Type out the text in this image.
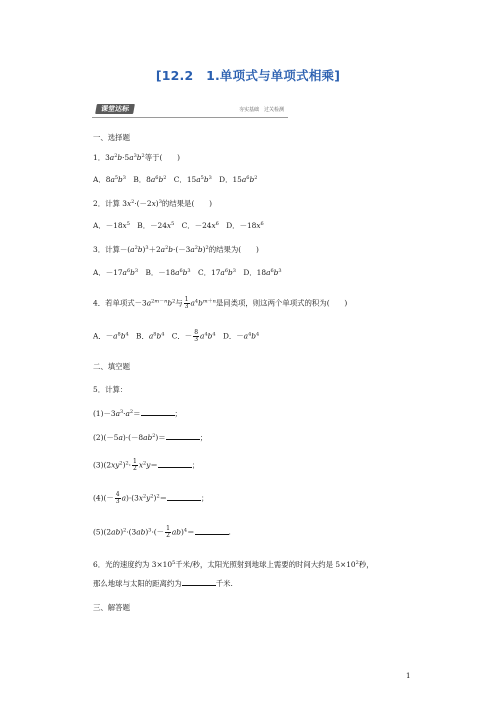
[12.2　1.单项式与单项式相乘]
课堂达标	夯实基础　过关检测
一、选择题
1．$3a^2b\cdot 5a^3b^2$等于(　　)
A．$8a^5b^3$　B．$8a^6b^2$　C．$15a^5b^3$　D．$15a^6b^2$
2．计算 $3x^2\cdot(-2x)^3$的结果是(　　)
A．$-18x^5$　B．$-24x^5$　C．$-24x^6$　D．$-18x^6$
3．计算$-(a^2b)^3+2a^2b\cdot(-3a^2b)^2$的结果为(　　)
A．$-17a^6b^3$　B．$-18a^6b^3$　C．$17a^6b^3$　D．$18a^6b^3$
4．若单项式$-3a^{2m-n}b^2$与 $\frac{1}{3} a^4b^{m+n}$是同类项，则这两个单项式的积为(　　)
A．$-a^8b^4$　B．$a^8b^4$　C．－ $\frac{8}{3} a^4b^4$　D．$-a^4b^4$
二、填空题
5．计算：
$(1)-3a^3\cdot a^2=$	；
$(2)(-5a)\cdot(-8ab^2)=$	；
$(3)(2xy^2)^2\cdot \frac{1}{2} x^2y=$	；
$(4)(- \frac{4}{3} a)\cdot(3x^2y^2)^2=$	；
$(5)(2ab)^2\cdot(3ab)^3\cdot(- \frac{1}{2} ab)^4=$	.
6．光的速度约为 $3\times 10^5$千米/秒，太阳光照射到地球上需要的时间大约是 $5\times 10^2$秒，
那么地球与太阳的距离约为	千米.
三、解答题
1
